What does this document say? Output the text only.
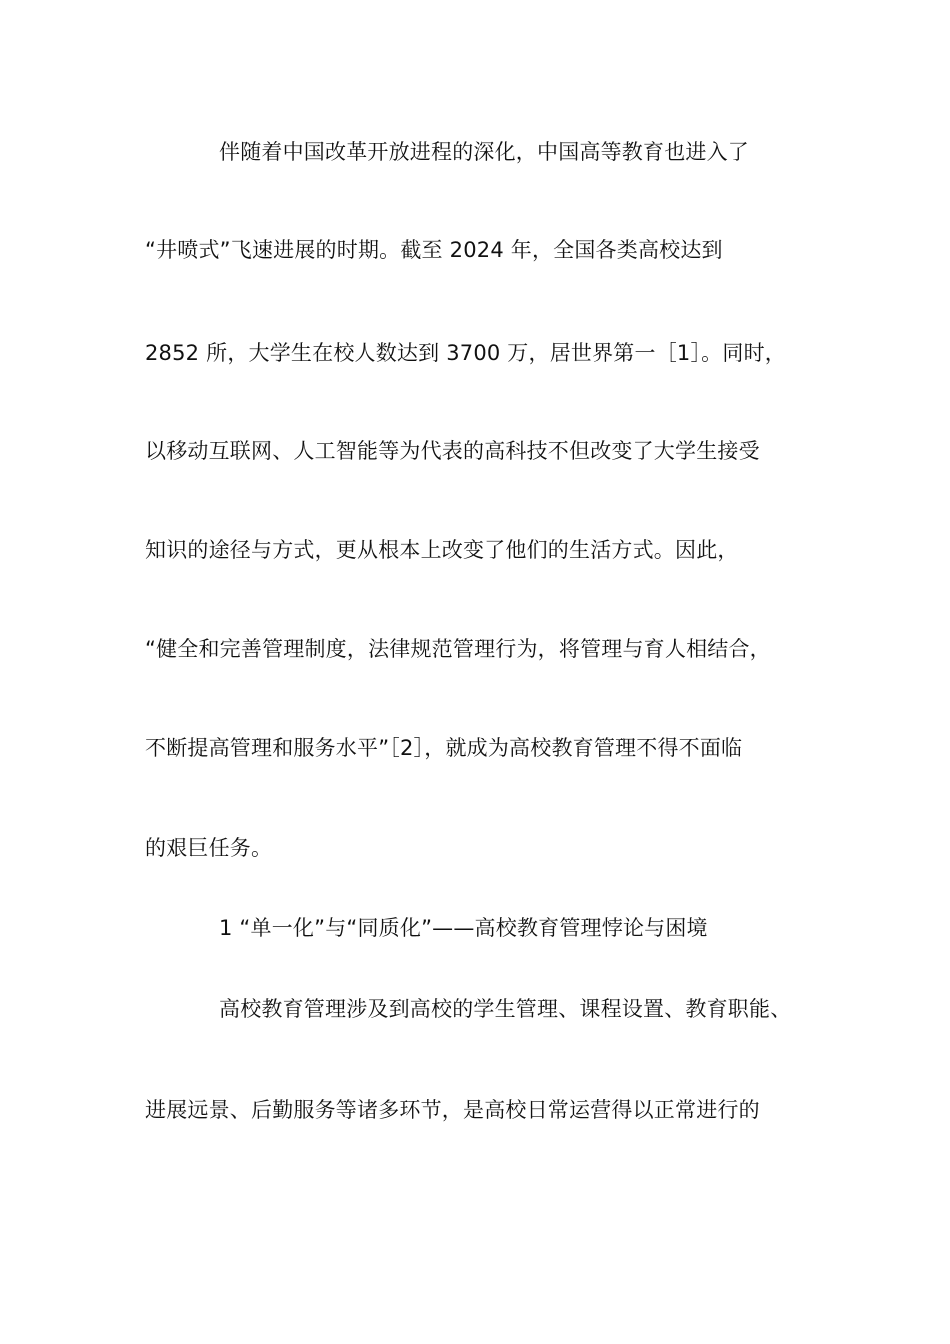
伴随着中国改革开放进程的深化，中国高等教育也进入了
“井喷式”飞速进展的时期。截至 2024 年，全国各类高校达到
2852 所，大学生在校人数达到 3700 万，居世界第一［1］。同时，
以移动互联网、人工智能等为代表的高科技不但改变了大学生接受
知识的途径与方式，更从根本上改变了他们的生活方式。因此，
“健全和完善管理制度，法律规范管理行为，将管理与育人相结合，
不断提高管理和服务水平”［2］，就成为高校教育管理不得不面临
的艰巨任务。
1 “单一化”与“同质化”——高校教育管理悖论与困境
高校教育管理涉及到高校的学生管理、课程设置、教育职能、
进展远景、后勤服务等诸多环节，是高校日常运营得以正常进行的
